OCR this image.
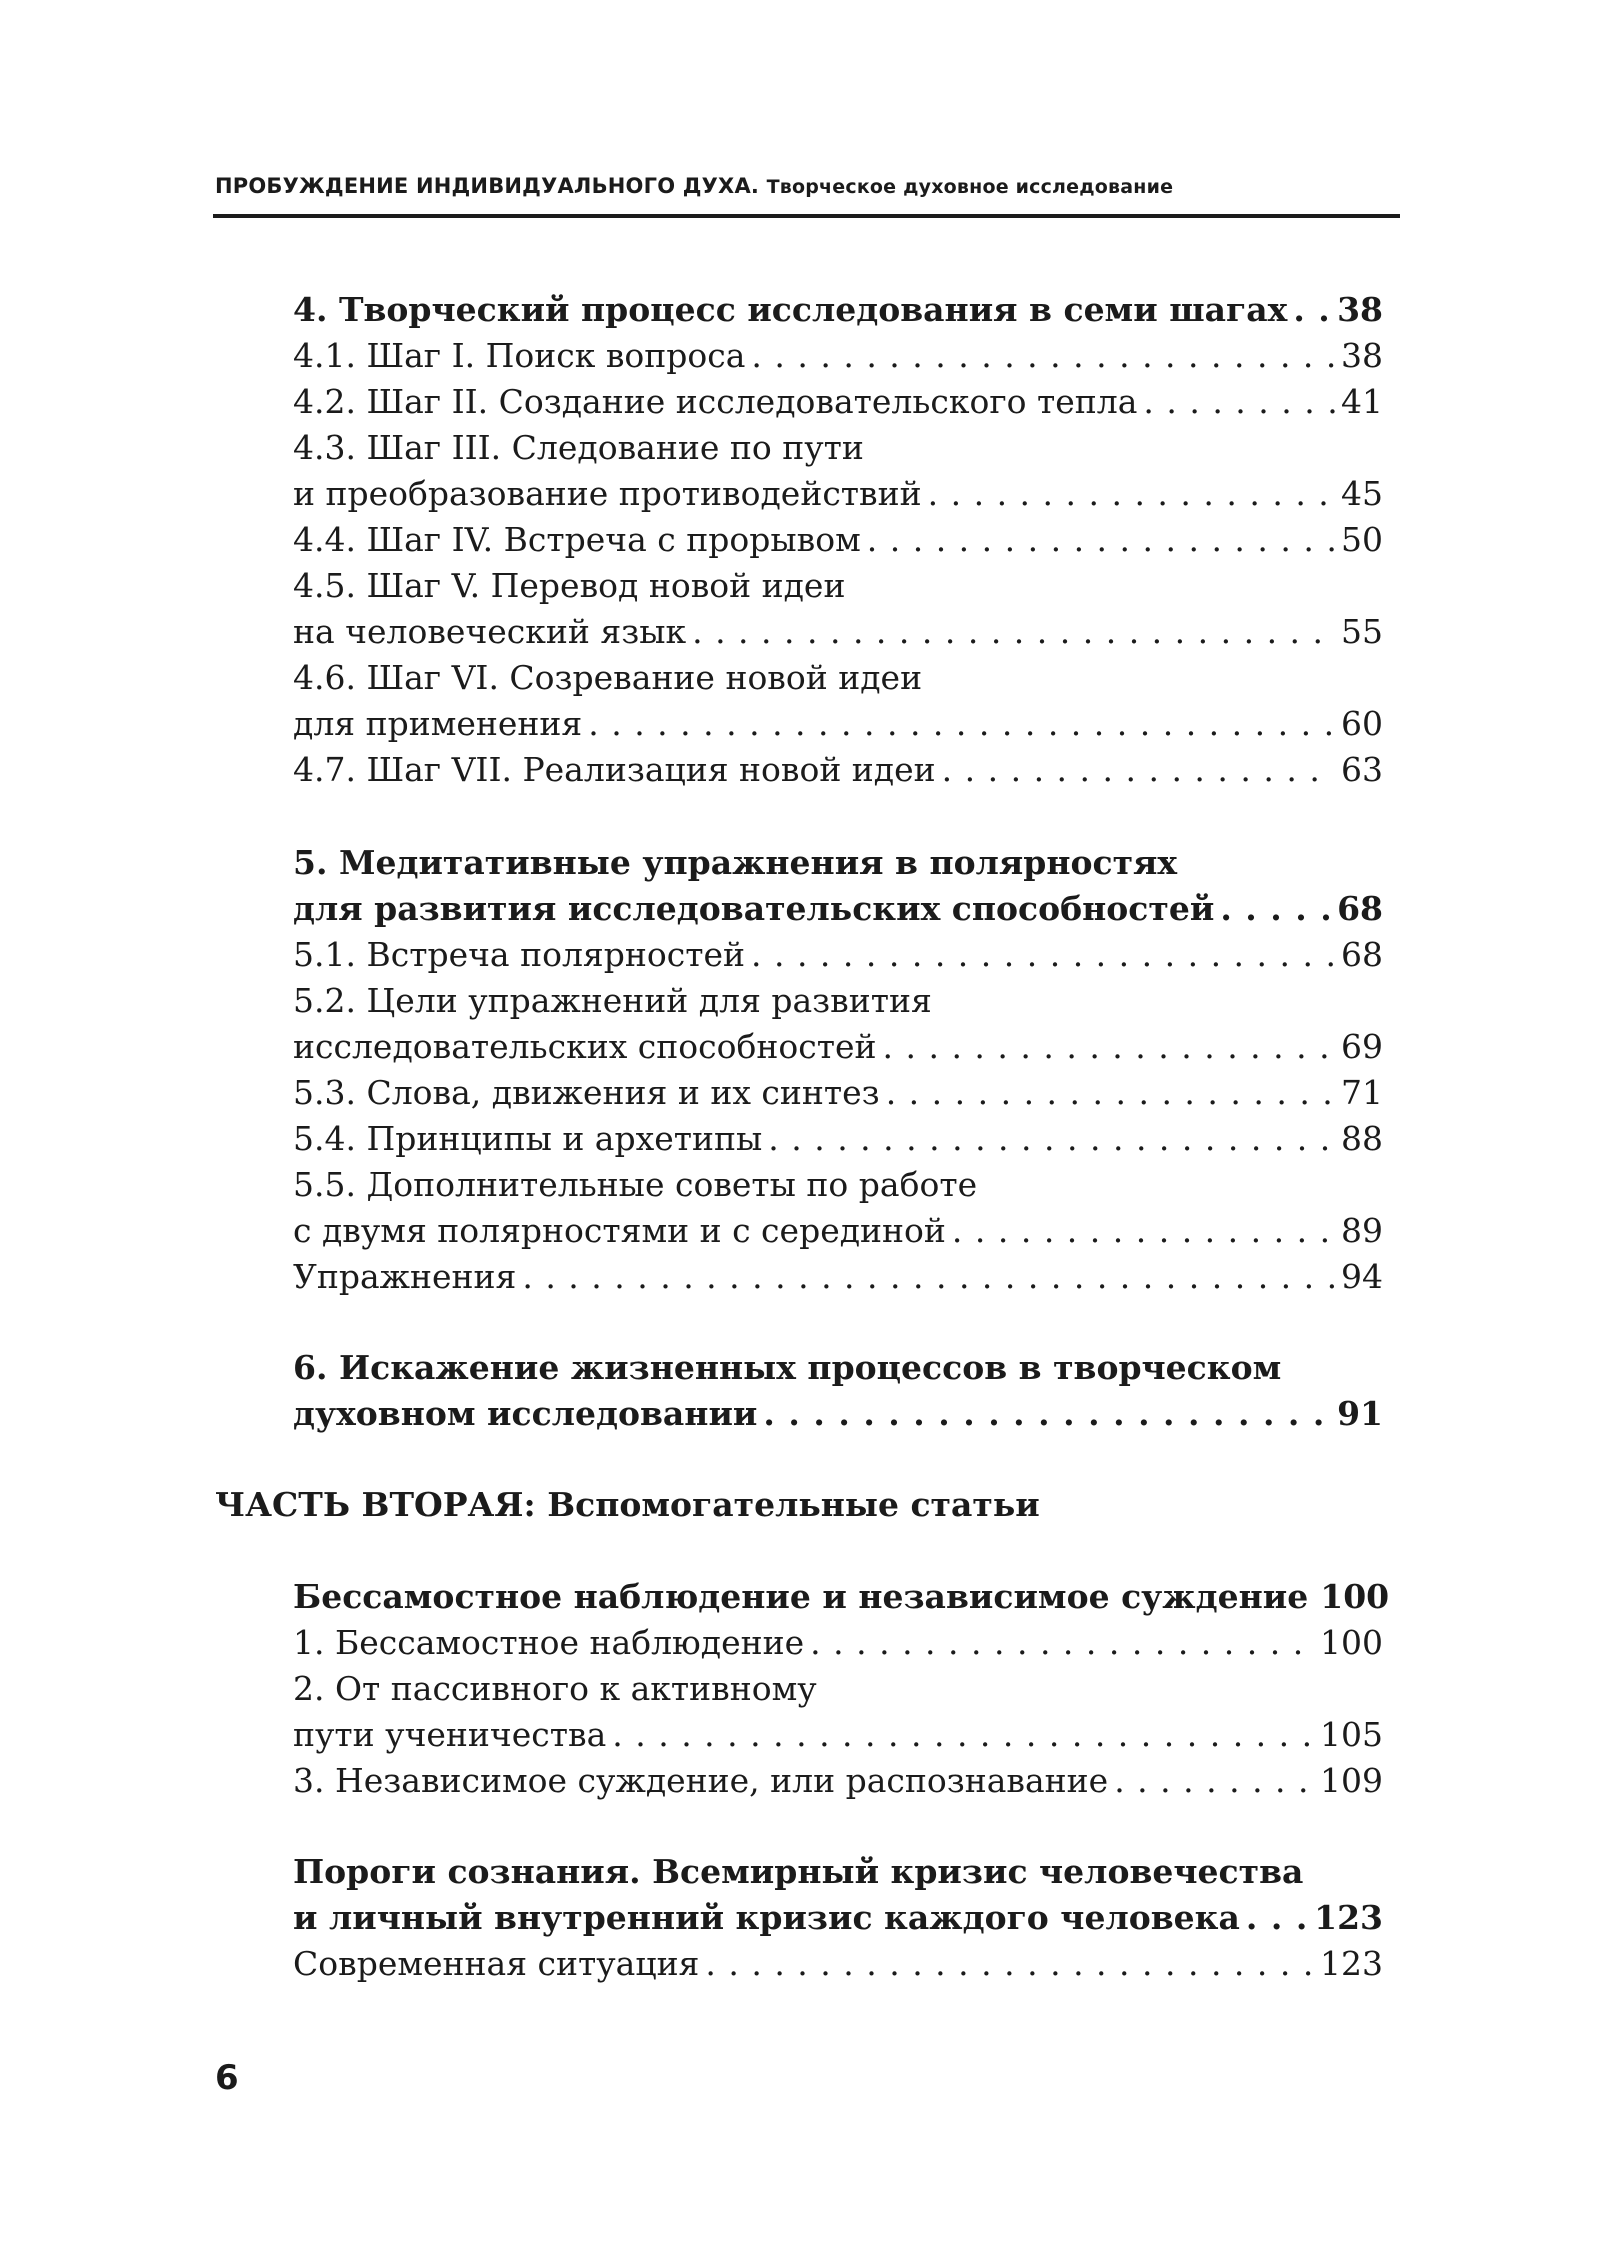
ПРОБУЖДЕНИЕ ИНДИВИДУАЛЬНОГО ДУХА. Творческое духовное исследование
4. Творческий процесс исследования в семи шагах . . . 38
4.1. Шаг I. Поиск вопроса . . .	38
4.2. Шаг II. Создание исследовательского тепла . . .	41
4.3. Шаг III. Следование по пути
и преобразование противодействий . . .	45
4.4. Шаг IV. Встреча с прорывом . . .	50
4.5. Шаг V. Перевод новой идеи
на человеческий язык . . .	55
4.6. Шаг VI. Созревание новой идеи
для применения . . .	60
4.7. Шаг VII. Реализация новой идеи . . .	63
5. Медитативные упражнения в полярностях
для развития исследовательских способностей . . .	68
5.1. Встреча полярностей . . .	68
5.2. Цели упражнений для развития
исследовательских способностей . . .	69
5.3. Слова, движения и их синтез . . .	71
5.4. Принципы и архетипы . . .	88
5.5. Дополнительные советы по работе
с двумя полярностями и с серединой . . .	89
Упражнения . . .	94
6. Искажение жизненных процессов в творческом
духовном исследовании . . .	91
ЧАСТЬ ВТОРАЯ: Вспомогательные статьи
Бессамостное наблюдение и независимое суждение 100
1. Бессамостное наблюдение . . .	100
2. От пассивного к активному
пути ученичества . . .	105
3. Независимое суждение, или распознавание . . .	109
Пороги сознания. Всемирный кризис человечества
и личный внутренний кризис каждого человека . . . 123
Современная ситуация . . .	123
6
